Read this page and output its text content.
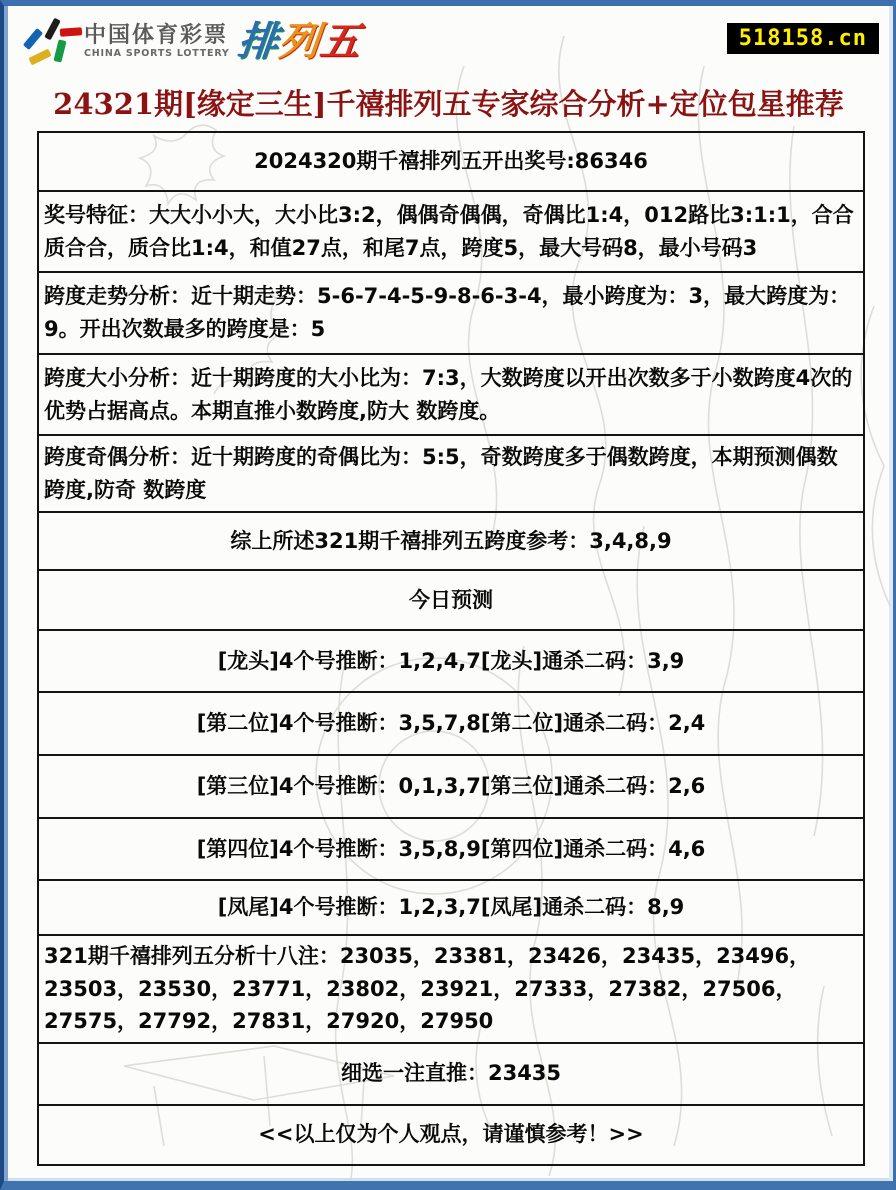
中国体育彩票
CHINA SPORTS LOTTERY 排列五	518158.cn
24321期[缘定三生]千禧排列五专家综合分析+定位包星推荐
2024320期千禧排列五开出奖号:86346
奖号特征：大大小小大，大小比3:2，偶偶奇偶偶，奇偶比1:4，012路比3:1:1，合合质合合，质合比1:4，和值27点，和尾7点，跨度5，最大号码8，最小号码3
跨度走势分析：近十期走势：5-6-7-4-5-9-8-6-3-4，最小跨度为：3，最大跨度为：9。开出次数最多的跨度是：5
跨度大小分析：近十期跨度的大小比为：7:3，大数跨度以开出次数多于小数跨度4次的优势占据高点。本期直推小数跨度,防大 数跨度。
跨度奇偶分析：近十期跨度的奇偶比为：5:5，奇数跨度多于偶数跨度，本期预测偶数跨度,防奇 数跨度
综上所述321期千禧排列五跨度参考：3,4,8,9
今日预测
[龙头]4个号推断：1,2,4,7[龙头]通杀二码：3,9
[第二位]4个号推断：3,5,7,8[第二位]通杀二码：2,4
[第三位]4个号推断：0,1,3,7[第三位]通杀二码：2,6
[第四位]4个号推断：3,5,8,9[第四位]通杀二码：4,6
[凤尾]4个号推断：1,2,3,7[凤尾]通杀二码：8,9
321期千禧排列五分析十八注：23035，23381，23426，23435，23496，23503，23530，23771，23802，23921，27333，27382，27506，27575，27792，27831，27920，27950
细选一注直推：23435
<<以上仅为个人观点，请谨慎参考！>>
